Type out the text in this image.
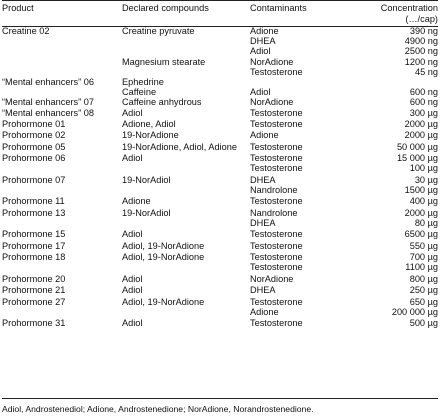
Product	Declared compounds	Contaminants	Concentration
(…/cap)

Creatine 02	Creatine pyruvate	Adione	390 ng
		DHEA	4900 ng
		Adiol	2500 ng
	Magnesium stearate	NorAdione	1200 ng
		Testosterone	45 ng
“Mental enhancers” 06	Ephedrine		
	Caffeine	Adiol	600 ng
“Mental enhancers” 07	Caffeine anhydrous	NorAdione	600 ng
“Mental enhancers” 08	Adiol	Testosterone	300 µg
Prohormone 01	Adione, Adiol	Testosterone	2000 µg
Prohormone 02	19-NorAdione	Adione	2000 µg
Prohormone 05	19-NorAdione, Adiol, Adione	Testosterone	50 000 µg
Prohormone 06	Adiol	Testosterone	15 000 µg
		Testosterone	100 µg
Prohormone 07	19-NorAdiol	DHEA	30 µg
		Nandrolone	1500 µg
Prohormone 11	Adione	Testosterone	400 µg
Prohormone 13	19-NorAdiol	Nandrolone	2000 µg
		DHEA	80 µg
Prohormone 15	Adiol	Testosterone	6500 µg
Prohormone 17	Adiol, 19-NorAdione	Testosterone	550 µg
Prohormone 18	Adiol, 19-NorAdione	Testosterone	700 µg
		Testosterone	1100 µg
Prohormone 20	Adiol	NorAdione	800 µg
Prohormone 21	Adiol	DHEA	250 µg
Prohormone 27	Adiol, 19-NorAdione	Testosterone	650 µg
		Adione	200 000 µg
Prohormone 31	Adiol	Testosterone	500 µg
Adiol, Androstenediol; Adione, Androstenedione; NorAdione, Norandrostenedione.
